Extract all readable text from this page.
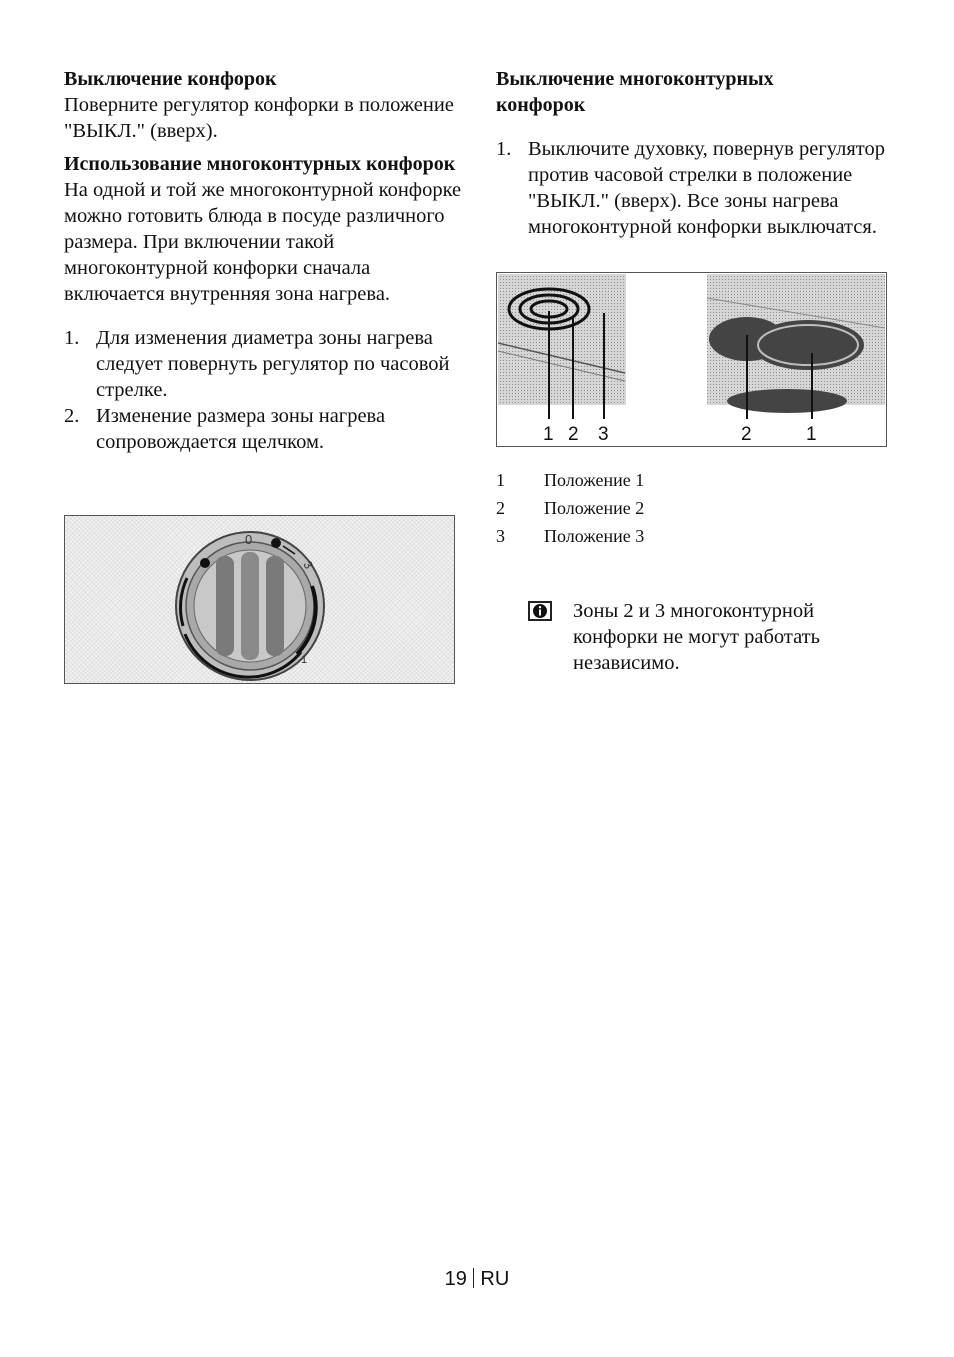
Выключение конфорок

Поверните регулятор конфорки в положение "ВЫКЛ." (вверх).

Использование многоконтурных конфорок

На одной и той же многоконтурной конфорке можно готовить блюда в посуде различного размера. При включении такой многоконтурной конфорки сначала включается внутренняя зона нагрева.

1. Для изменения диаметра зоны нагрева следует повернуть регулятор по часовой стрелке.
2. Изменение размера зоны нагрева сопровождается щелчком.
0
3
1

Выключение многоконтурных конфорок

1. Выключите духовку, повернув регулятор против часовой стрелки в положение "ВЫКЛ." (вверх). Все зоны нагрева многоконтурной конфорки выключатся.
1 2 3	2	1
1 Положение 1
2 Положение 2
3 Положение 3
Зоны 2 и 3 многоконтурной конфорки не могут работать независимо.
19 RU
